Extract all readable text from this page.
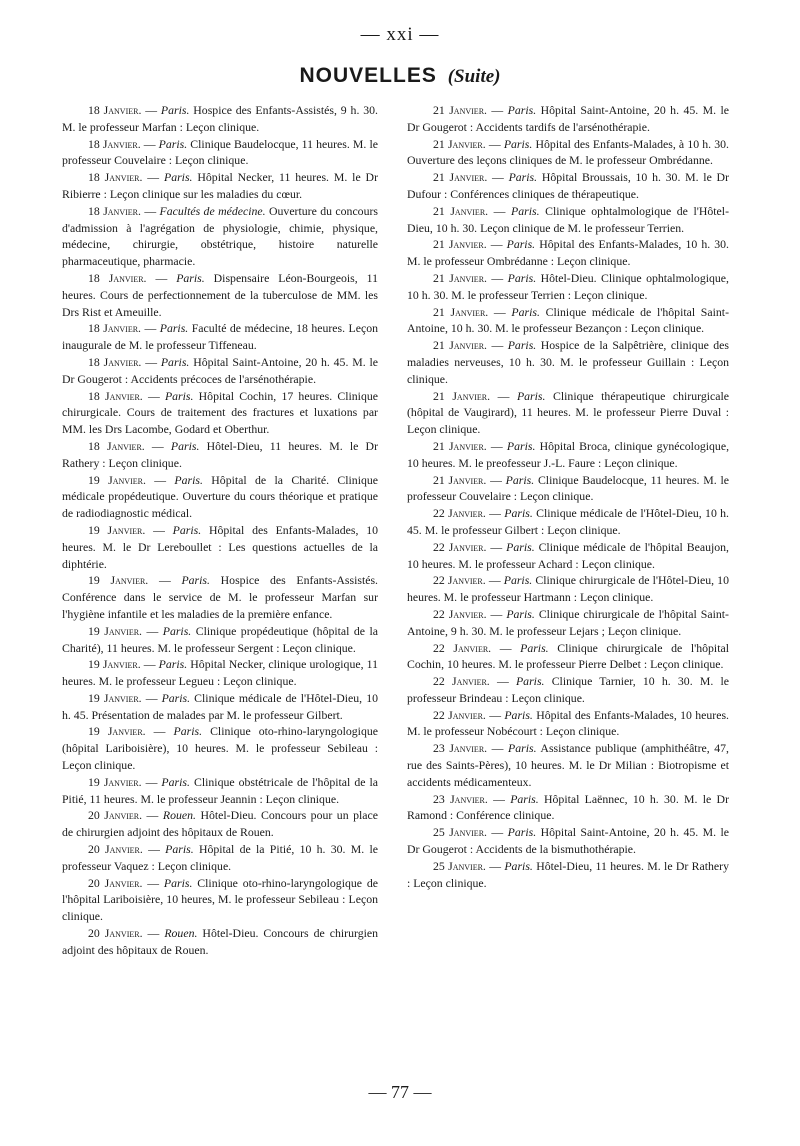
— xxi —
NOUVELLES (Suite)

18 Janvier. — Paris. Hospice des Enfants-Assistés, 9 h. 30. M. le professeur Marfan : Leçon clinique.

18 Janvier. — Paris. Clinique Baudelocque, 11 heures. M. le professeur Couvelaire : Leçon clinique.

18 Janvier. — Paris. Hôpital Necker, 11 heures. M. le Dr Ribierre : Leçon clinique sur les maladies du cœur.

18 Janvier. — Facultés de médecine. Ouverture du concours d'admission à l'agrégation de physiologie, chimie, physique, médecine, chirurgie, obstétrique, histoire naturelle pharmaceutique, pharmacie.

18 Janvier. — Paris. Dispensaire Léon-Bourgeois, 11 heures. Cours de perfectionnement de la tuberculose de MM. les Drs Rist et Ameuille.

18 Janvier. — Paris. Faculté de médecine, 18 heures. Leçon inaugurale de M. le professeur Tiffeneau.

18 Janvier. — Paris. Hôpital Saint-Antoine, 20 h. 45. M. le Dr Gougerot : Accidents précoces de l'arsénothérapie.

18 Janvier. — Paris. Hôpital Cochin, 17 heures. Clinique chirurgicale. Cours de traitement des fractures et luxations par MM. les Drs Lacombe, Godard et Oberthur.

18 Janvier. — Paris. Hôtel-Dieu, 11 heures. M. le Dr Rathery : Leçon clinique.

19 Janvier. — Paris. Hôpital de la Charité. Clinique médicale propédeutique. Ouverture du cours théorique et pratique de radiodiagnostic médical.

19 Janvier. — Paris. Hôpital des Enfants-Malades, 10 heures. M. le Dr Lereboullet : Les questions actuelles de la diphtérie.

19 Janvier. — Paris. Hospice des Enfants-Assistés. Conférence dans le service de M. le professeur Marfan sur l'hygiène infantile et les maladies de la première enfance.

19 Janvier. — Paris. Clinique propédeutique (hôpital de la Charité), 11 heures. M. le professeur Sergent : Leçon clinique.

19 Janvier. — Paris. Hôpital Necker, clinique urologique, 11 heures. M. le professeur Legueu : Leçon clinique.

19 Janvier. — Paris. Clinique médicale de l'Hôtel-Dieu, 10 h. 45. Présentation de malades par M. le professeur Gilbert.

19 Janvier. — Paris. Clinique oto-rhino-laryngologique (hôpital Lariboisière), 10 heures. M. le professeur Sebileau : Leçon clinique.

19 Janvier. — Paris. Clinique obstétricale de l'hôpital de la Pitié, 11 heures. M. le professeur Jeannin : Leçon clinique.

20 Janvier. — Rouen. Hôtel-Dieu. Concours pour un place de chirurgien adjoint des hôpitaux de Rouen.

20 Janvier. — Paris. Hôpital de la Pitié, 10 h. 30. M. le professeur Vaquez : Leçon clinique.

20 Janvier. — Paris. Clinique oto-rhino-laryngologique de l'hôpital Lariboisière, 10 heures, M. le professeur Sebileau : Leçon clinique.

20 Janvier. — Rouen. Hôtel-Dieu. Concours de chirurgien adjoint des hôpitaux de Rouen.

21 Janvier. — Paris. Hôpital Saint-Antoine, 20 h. 45. M. le Dr Gougerot : Accidents tardifs de l'arsénothérapie.

21 Janvier. — Paris. Hôpital des Enfants-Malades, à 10 h. 30. Ouverture des leçons cliniques de M. le professeur Ombrédanne.

21 Janvier. — Paris. Hôpital Broussais, 10 h. 30. M. le Dr Dufour : Conférences cliniques de thérapeutique.

21 Janvier. — Paris. Clinique ophtalmologique de l'Hôtel-Dieu, 10 h. 30. Leçon clinique de M. le professeur Terrien.

21 Janvier. — Paris. Hôpital des Enfants-Malades, 10 h. 30. M. le professeur Ombrédanne : Leçon clinique.

21 Janvier. — Paris. Hôtel-Dieu. Clinique ophtalmologique, 10 h. 30. M. le professeur Terrien : Leçon clinique.

21 Janvier. — Paris. Clinique médicale de l'hôpital Saint-Antoine, 10 h. 30. M. le professeur Bezançon : Leçon clinique.

21 Janvier. — Paris. Hospice de la Salpêtrière, clinique des maladies nerveuses, 10 h. 30. M. le professeur Guillain : Leçon clinique.

21 Janvier. — Paris. Clinique thérapeutique chirurgicale (hôpital de Vaugirard), 11 heures. M. le professeur Pierre Duval : Leçon clinique.

21 Janvier. — Paris. Hôpital Broca, clinique gynécologique, 10 heures. M. le preofesseur J.-L. Faure : Leçon clinique.

21 Janvier. — Paris. Clinique Baudelocque, 11 heures. M. le professeur Couvelaire : Leçon clinique.

22 Janvier. — Paris. Clinique médicale de l'Hôtel-Dieu, 10 h. 45. M. le professeur Gilbert : Leçon clinique.

22 Janvier. — Paris. Clinique médicale de l'hôpital Beaujon, 10 heures. M. le professeur Achard : Leçon clinique.

22 Janvier. — Paris. Clinique chirurgicale de l'Hôtel-Dieu, 10 heures. M. le professeur Hartmann : Leçon clinique.

22 Janvier. — Paris. Clinique chirurgicale de l'hôpital Saint-Antoine, 9 h. 30. M. le professeur Lejars ; Leçon clinique.

22 Janvier. — Paris. Clinique chirurgicale de l'hôpital Cochin, 10 heures. M. le professeur Pierre Delbet : Leçon clinique.

22 Janvier. — Paris. Clinique Tarnier, 10 h. 30. M. le professeur Brindeau : Leçon clinique.

22 Janvier. — Paris. Hôpital des Enfants-Malades, 10 heures. M. le professeur Nobécourt : Leçon clinique.

23 Janvier. — Paris. Assistance publique (amphithéâtre, 47, rue des Saints-Pères), 10 heures. M. le Dr Milian : Biotropisme et accidents médicamenteux.

23 Janvier. — Paris. Hôpital Laënnec, 10 h. 30. M. le Dr Ramond : Conférence clinique.

25 Janvier. — Paris. Hôpital Saint-Antoine, 20 h. 45. M. le Dr Gougerot : Accidents de la bismuthothérapie.

25 Janvier. — Paris. Hôtel-Dieu, 11 heures. M. le Dr Rathery : Leçon clinique.

— 77 —
